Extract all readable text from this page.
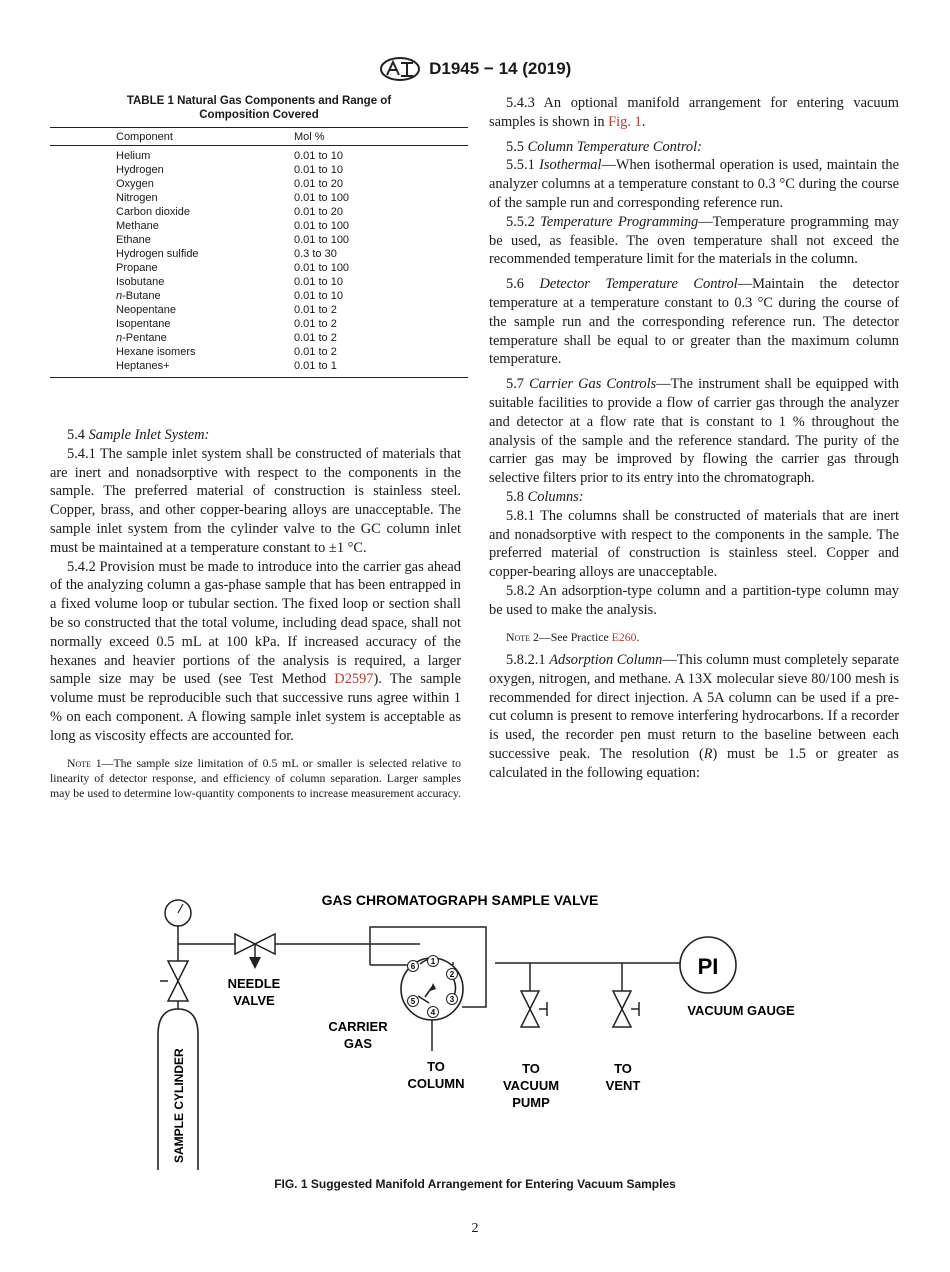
D1945 − 14 (2019)
TABLE 1 Natural Gas Components and Range of
Composition Covered
Component	Mol %
Helium	0.01 to 10
Hydrogen	0.01 to 10
Oxygen	0.01 to 20
Nitrogen	0.01 to 100
Carbon dioxide	0.01 to 20
Methane	0.01 to 100
Ethane	0.01 to 100
Hydrogen sulfide	0.3 to 30
Propane	0.01 to 100
Isobutane	0.01 to 10
n-Butane	0.01 to 10
Neopentane	0.01 to 2
Isopentane	0.01 to 2
n-Pentane	0.01 to 2
Hexane isomers	0.01 to 2
Heptanes+	0.01 to 1

5.4 Sample Inlet System:

5.4.1 The sample inlet system shall be constructed of materials that are inert and nonadsorptive with respect to the components in the sample. The preferred material of construction is stainless steel. Copper, brass, and other copper-bearing alloys are unacceptable. The sample inlet system from the cylinder valve to the GC column inlet must be maintained at a temperature constant to ±1 °C.

5.4.2 Provision must be made to introduce into the carrier gas ahead of the analyzing column a gas-phase sample that has been entrapped in a fixed volume loop or tubular section. The fixed loop or section shall be so constructed that the total volume, including dead space, shall not normally exceed 0.5 mL at 100 kPa. If increased accuracy of the hexanes and heavier portions of the analysis is required, a larger sample size may be used (see Test Method D2597). The sample volume must be reproducible such that successive runs agree within 1 % on each component. A flowing sample inlet system is acceptable as long as viscosity effects are accounted for.

Note 1—The sample size limitation of 0.5 mL or smaller is selected relative to linearity of detector response, and efficiency of column separation. Larger samples may be used to determine low-quantity components to increase measurement accuracy.

5.4.3 An optional manifold arrangement for entering vacuum samples is shown in Fig. 1.

5.5 Column Temperature Control:

5.5.1 Isothermal—When isothermal operation is used, maintain the analyzer columns at a temperature constant to 0.3 °C during the course of the sample run and corresponding reference run.

5.5.2 Temperature Programming—Temperature programming may be used, as feasible. The oven temperature shall not exceed the recommended temperature limit for the materials in the column.

5.6 Detector Temperature Control—Maintain the detector temperature at a temperature constant to 0.3 °C during the course of the sample run and the corresponding reference run. The detector temperature shall be equal to or greater than the maximum column temperature.

5.7 Carrier Gas Controls—The instrument shall be equipped with suitable facilities to provide a flow of carrier gas through the analyzer and detector at a flow rate that is constant to 1 % throughout the analysis of the sample and the reference standard. The purity of the carrier gas may be improved by flowing the carrier gas through selective filters prior to its entry into the chromatograph.

5.8 Columns:

5.8.1 The columns shall be constructed of materials that are inert and nonadsorptive with respect to the components in the sample. The preferred material of construction is stainless steel. Copper and copper-bearing alloys are unacceptable.

5.8.2 An adsorption-type column and a partition-type column may be used to make the analysis.

Note 2—See Practice E260.

5.8.2.1 Adsorption Column—This column must completely separate oxygen, nitrogen, and methane. A 13X molecular sieve 80/100 mesh is recommended for direct injection. A 5A column can be used if a pre-cut column is present to remove interfering hydrocarbons. If a recorder is used, the recorder pen must return to the baseline between each successive peak. The resolution (R) must be 1.5 or greater as calculated in the following equation:

GAS CHROMATOGRAPH SAMPLE VALVE
SAMPLE CYLINDER
NEEDLE
VALVE
6
1
2
3
4
5
CARRIER
GAS
TO
COLUMN
TO
VACUUM
PUMP
TO
VENT
PI
VACUUM GAUGE
FIG. 1 Suggested Manifold Arrangement for Entering Vacuum Samples
2
